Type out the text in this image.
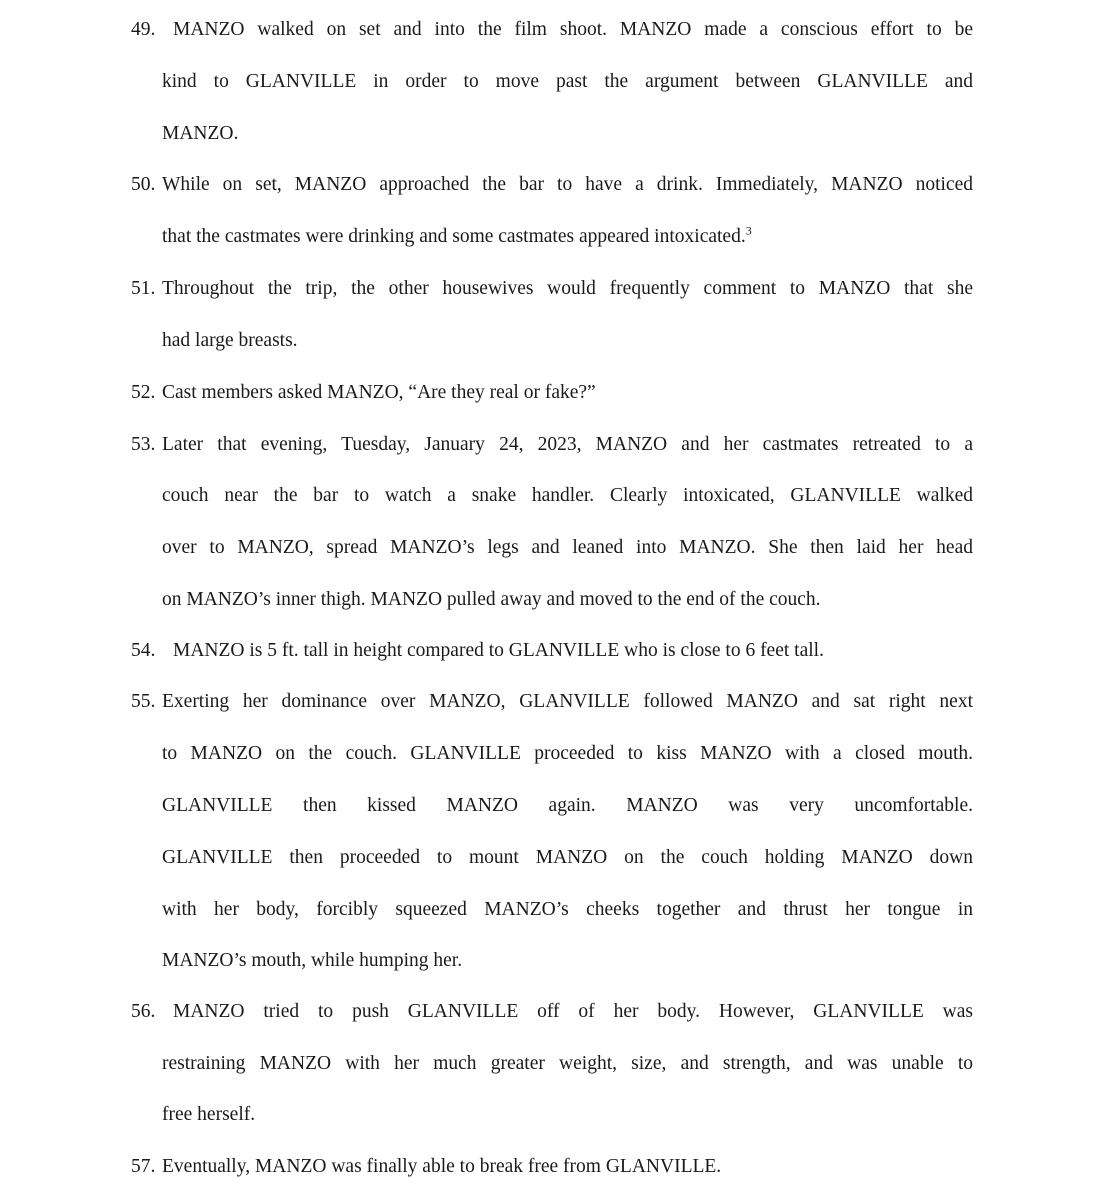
49. MANZO walked on set and into the film shoot. MANZO made a conscious effort to be
kind to GLANVILLE in order to move past the argument between GLANVILLE and
MANZO.
50. While on set, MANZO approached the bar to have a drink. Immediately, MANZO noticed
that the castmates were drinking and some castmates appeared intoxicated.$^3$
51. Throughout the trip, the other housewives would frequently comment to MANZO that she
had large breasts.
52. Cast members asked MANZO, “Are they real or fake?”
53. Later that evening, Tuesday, January 24, 2023, MANZO and her castmates retreated to a
couch near the bar to watch a snake handler. Clearly intoxicated, GLANVILLE walked
over to MANZO, spread MANZO’s legs and leaned into MANZO. She then laid her head
on MANZO’s inner thigh. MANZO pulled away and moved to the end of the couch.
54. MANZO is 5 ft. tall in height compared to GLANVILLE who is close to 6 feet tall.
55. Exerting her dominance over MANZO, GLANVILLE followed MANZO and sat right next
to MANZO on the couch. GLANVILLE proceeded to kiss MANZO with a closed mouth.
GLANVILLE then kissed MANZO again. MANZO was very uncomfortable.
GLANVILLE then proceeded to mount MANZO on the couch holding MANZO down
with her body, forcibly squeezed MANZO’s cheeks together and thrust her tongue in
MANZO’s mouth, while humping her.
56. MANZO tried to push GLANVILLE off of her body. However, GLANVILLE was
restraining MANZO with her much greater weight, size, and strength, and was unable to
free herself.
57. Eventually, MANZO was finally able to break free from GLANVILLE.
